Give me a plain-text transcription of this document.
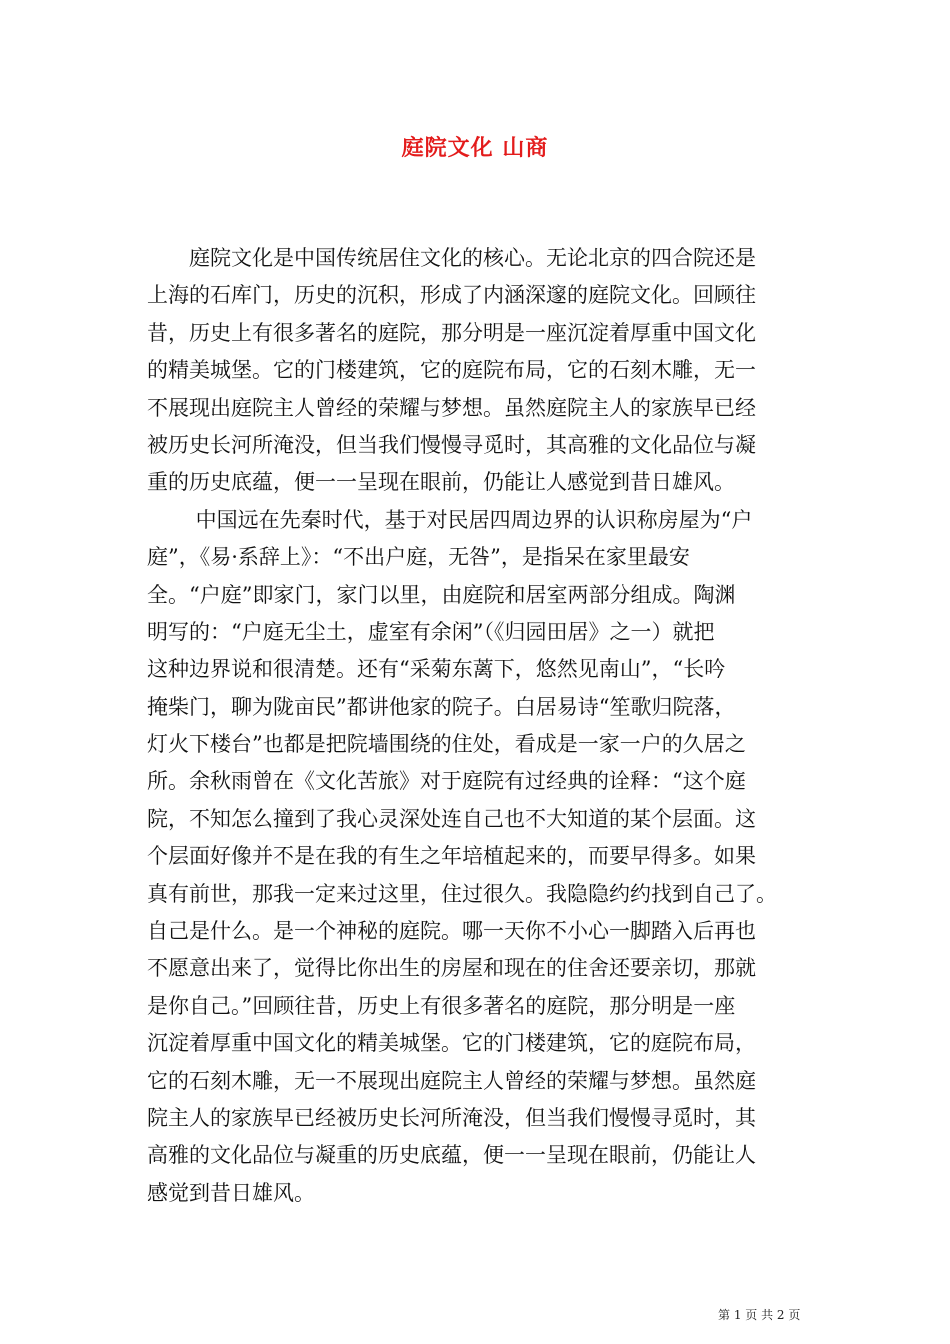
庭院文化 山商
　　庭院文化是中国传统居住文化的核心。无论北京的四合院还是
上海的石库门，历史的沉积，形成了内涵深邃的庭院文化。回顾往
昔，历史上有很多著名的庭院，那分明是一座沉淀着厚重中国文化
的精美城堡。它的门楼建筑，它的庭院布局，它的石刻木雕，无一
不展现出庭院主人曾经的荣耀与梦想。虽然庭院主人的家族早已经
被历史长河所淹没，但当我们慢慢寻觅时，其高雅的文化品位与凝
重的历史底蕴，便一一呈现在眼前，仍能让人感觉到昔日雄风。
　　 中国远在先秦时代，基于对民居四周边界的认识称房屋为“户
庭”，《易·系辞上》：“不出户庭，无咎”，是指呆在家里最安
全。“户庭”即家门，家门以里，由庭院和居室两部分组成。陶渊
明写的：“户庭无尘土，虚室有余闲”（《归园田居》之一）就把
这种边界说和很清楚。还有“采菊东蓠下，悠然见南山”，“长吟
掩柴门，聊为陇亩民”都讲他家的院子。白居易诗“笙歌归院落，
灯火下楼台”也都是把院墙围绕的住处，看成是一家一户的久居之
所。余秋雨曾在《文化苦旅》对于庭院有过经典的诠释：“这个庭
院，不知怎么撞到了我心灵深处连自己也不大知道的某个层面。这
个层面好像并不是在我的有生之年培植起来的，而要早得多。如果
真有前世，那我一定来过这里，住过很久。我隐隐约约找到自己了。
自己是什么。是一个神秘的庭院。哪一天你不小心一脚踏入后再也
不愿意出来了，觉得比你出生的房屋和现在的住舍还要亲切，那就
是你自己。”回顾往昔，历史上有很多著名的庭院，那分明是一座
沉淀着厚重中国文化的精美城堡。它的门楼建筑，它的庭院布局，
它的石刻木雕，无一不展现出庭院主人曾经的荣耀与梦想。虽然庭
院主人的家族早已经被历史长河所淹没，但当我们慢慢寻觅时，其
高雅的文化品位与凝重的历史底蕴，便一一呈现在眼前，仍能让人
感觉到昔日雄风。
第 1 页 共 2 页
